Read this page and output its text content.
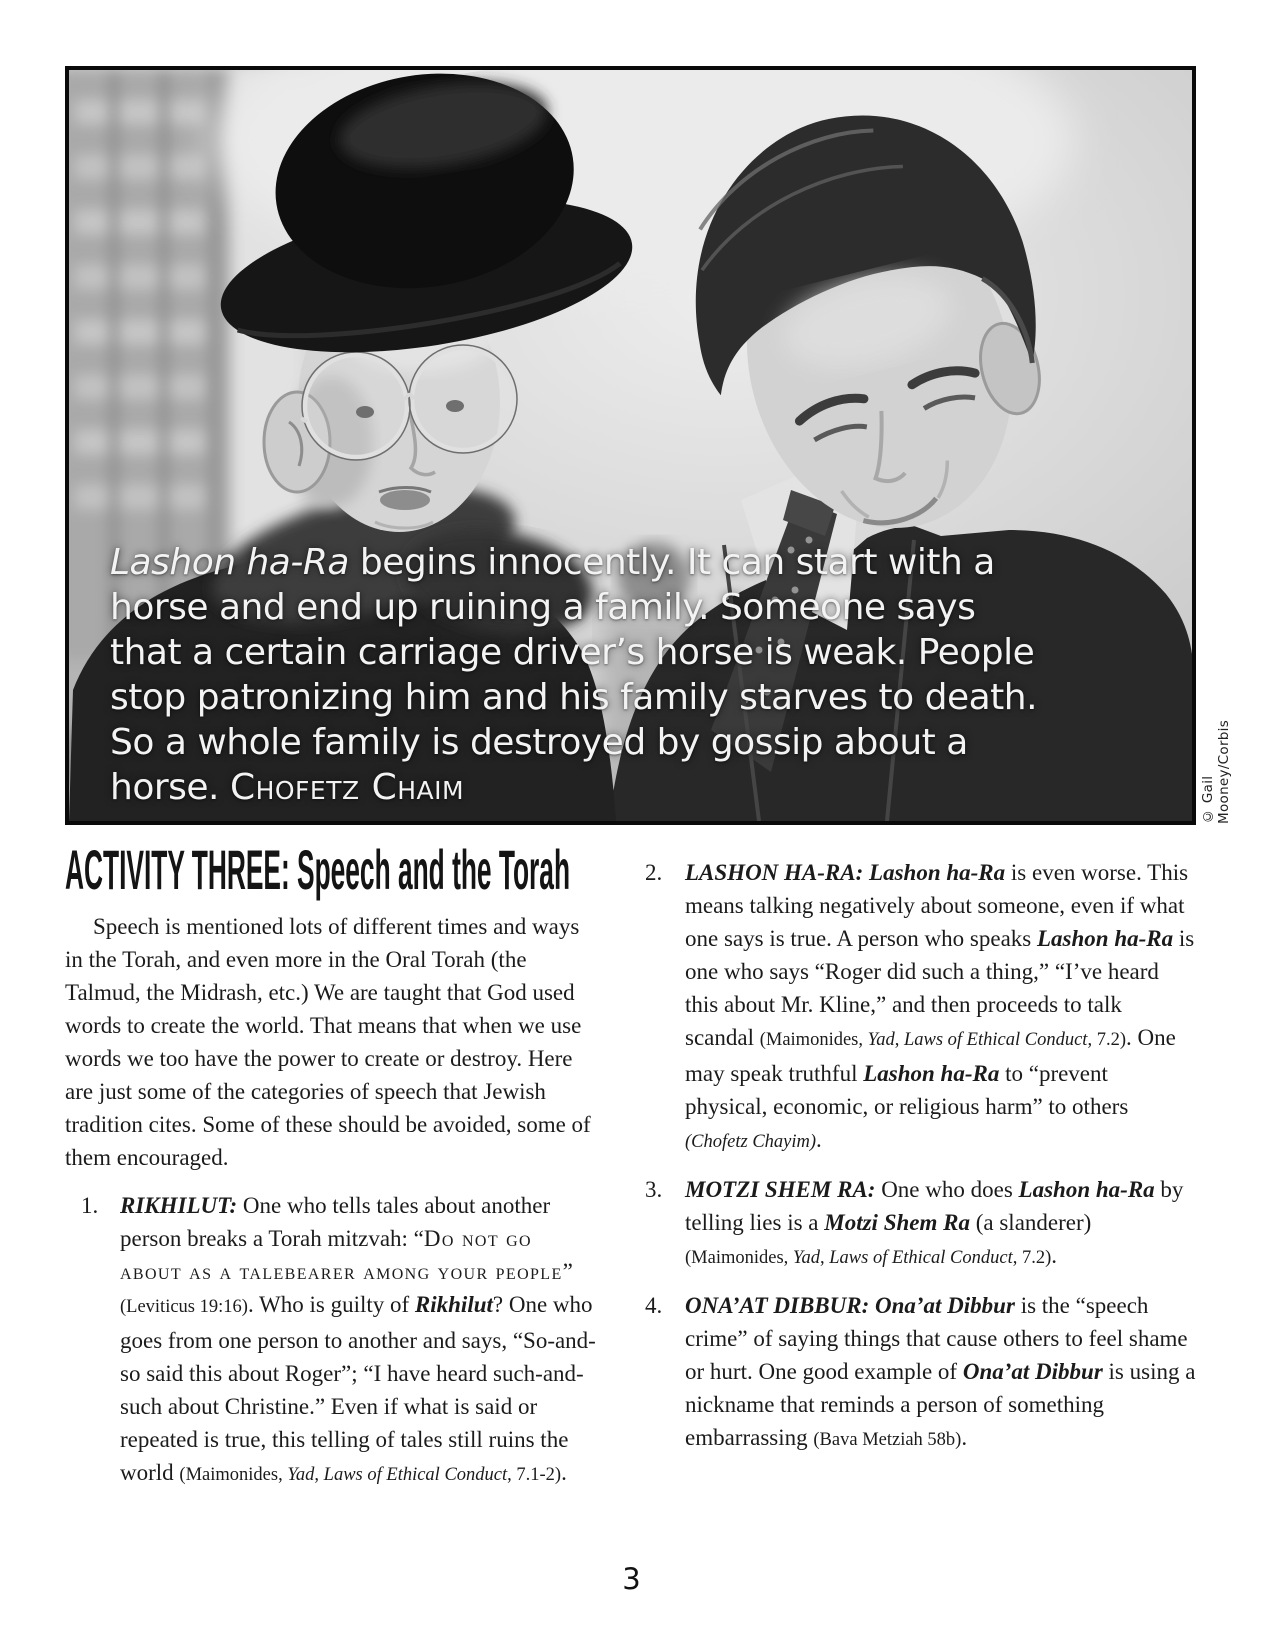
Lashon ha-Ra begins innocently. It can start with a
horse and end up ruining a family. Someone says
that a certain carriage driver’s horse is weak. People
stop patronizing him and his family starves to death.
So a whole family is destroyed by gossip about a
horse. Chofetz Chaim	© Gail Mooney/Corbis
ACTIVITY THREE: Speech and the Torah

Speech is mentioned lots of different times and ways in the Torah, and even more in the Oral Torah (the Talmud, the Midrash, etc.) We are taught that God used words to create the world. That means that when we use words we too have the power to create or destroy. Here are just some of the categories of speech that Jewish tradition cites. Some of these should be avoided, some of them encouraged.

1. RIKHILUT: One who tells tales about another person breaks a Torah mitzvah: “Do not go about as a talebearer among your people” (Leviticus 19:16). Who is guilty of Rikhilut? One who goes from one person to another and says, “So-and-so said this about Roger”; “I have heard such-and-such about Christine.” Even if what is said or repeated is true, this telling of tales still ruins the world (Maimonides, Yad, Laws of Ethical Conduct, 7.1-2).
2. LASHON HA-RA: Lashon ha-Ra is even worse. This means talking negatively about someone, even if what one says is true. A person who speaks Lashon ha-Ra is one who says “Roger did such a thing,” “I’ve heard this about Mr. Kline,” and then proceeds to talk scandal (Maimonides, Yad, Laws of Ethical Conduct, 7.2). One may speak truthful Lashon ha-Ra to “prevent physical, economic, or religious harm” to others (Chofetz Chayim).
3. MOTZI SHEM RA: One who does Lashon ha-Ra by telling lies is a Motzi Shem Ra (a slanderer) (Maimonides, Yad, Laws of Ethical Conduct, 7.2).
4. ONA’AT DIBBUR: Ona’at Dibbur is the “speech crime” of saying things that cause others to feel shame or hurt. One good example of Ona’at Dibbur is using a nickname that reminds a person of something embarrassing (Bava Metziah 58b).
3
